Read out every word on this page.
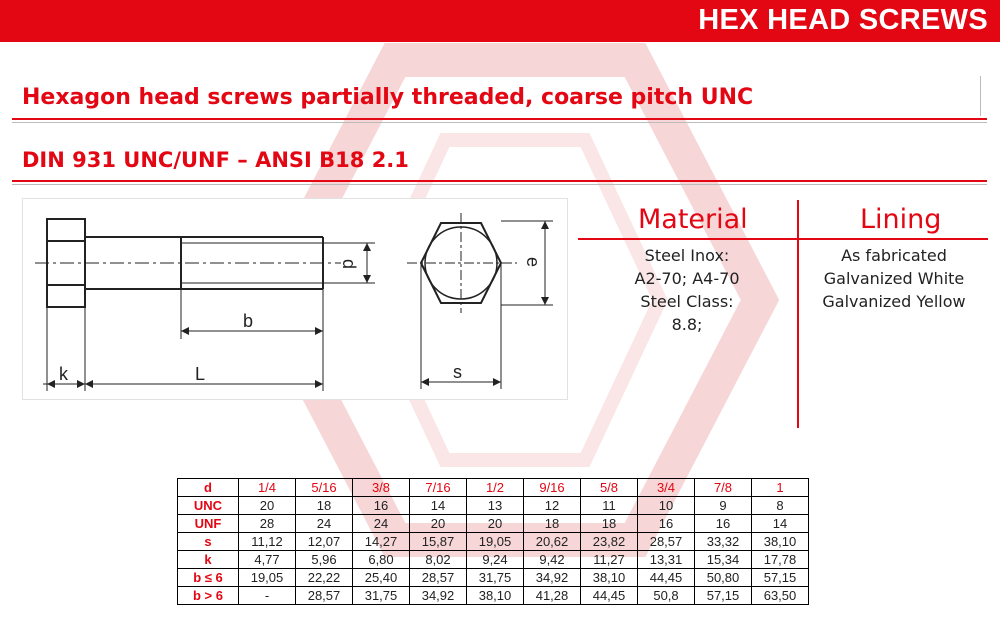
HEX HEAD SCREWS
Hexagon head screws partially threaded, coarse pitch UNC
DIN 931 UNC/UNF – ANSI B18 2.1
d
b
k	L	s
e
Material	Lining
Steel Inox:
A2-70; A4-70
Steel Class:
8.8;
As fabricated
Galvanized White
Galvanized Yellow
d	1/4	5/16	3/8	7/16	1/2	9/16	5/8	3/4	7/8	1
UNC	20	18	16	14	13	12	11	10	9	8
UNF	28	24	24	20	20	18	18	16	16	14
s	11,12	12,07	14,27	15,87	19,05	20,62	23,82	28,57	33,32	38,10
k	4,77	5,96	6,80	8,02	9,24	9,42	11,27	13,31	15,34	17,78
b ≤ 6	19,05	22,22	25,40	28,57	31,75	34,92	38,10	44,45	50,80	57,15
b > 6	-	28,57	31,75	34,92	38,10	41,28	44,45	50,8	57,15	63,50
